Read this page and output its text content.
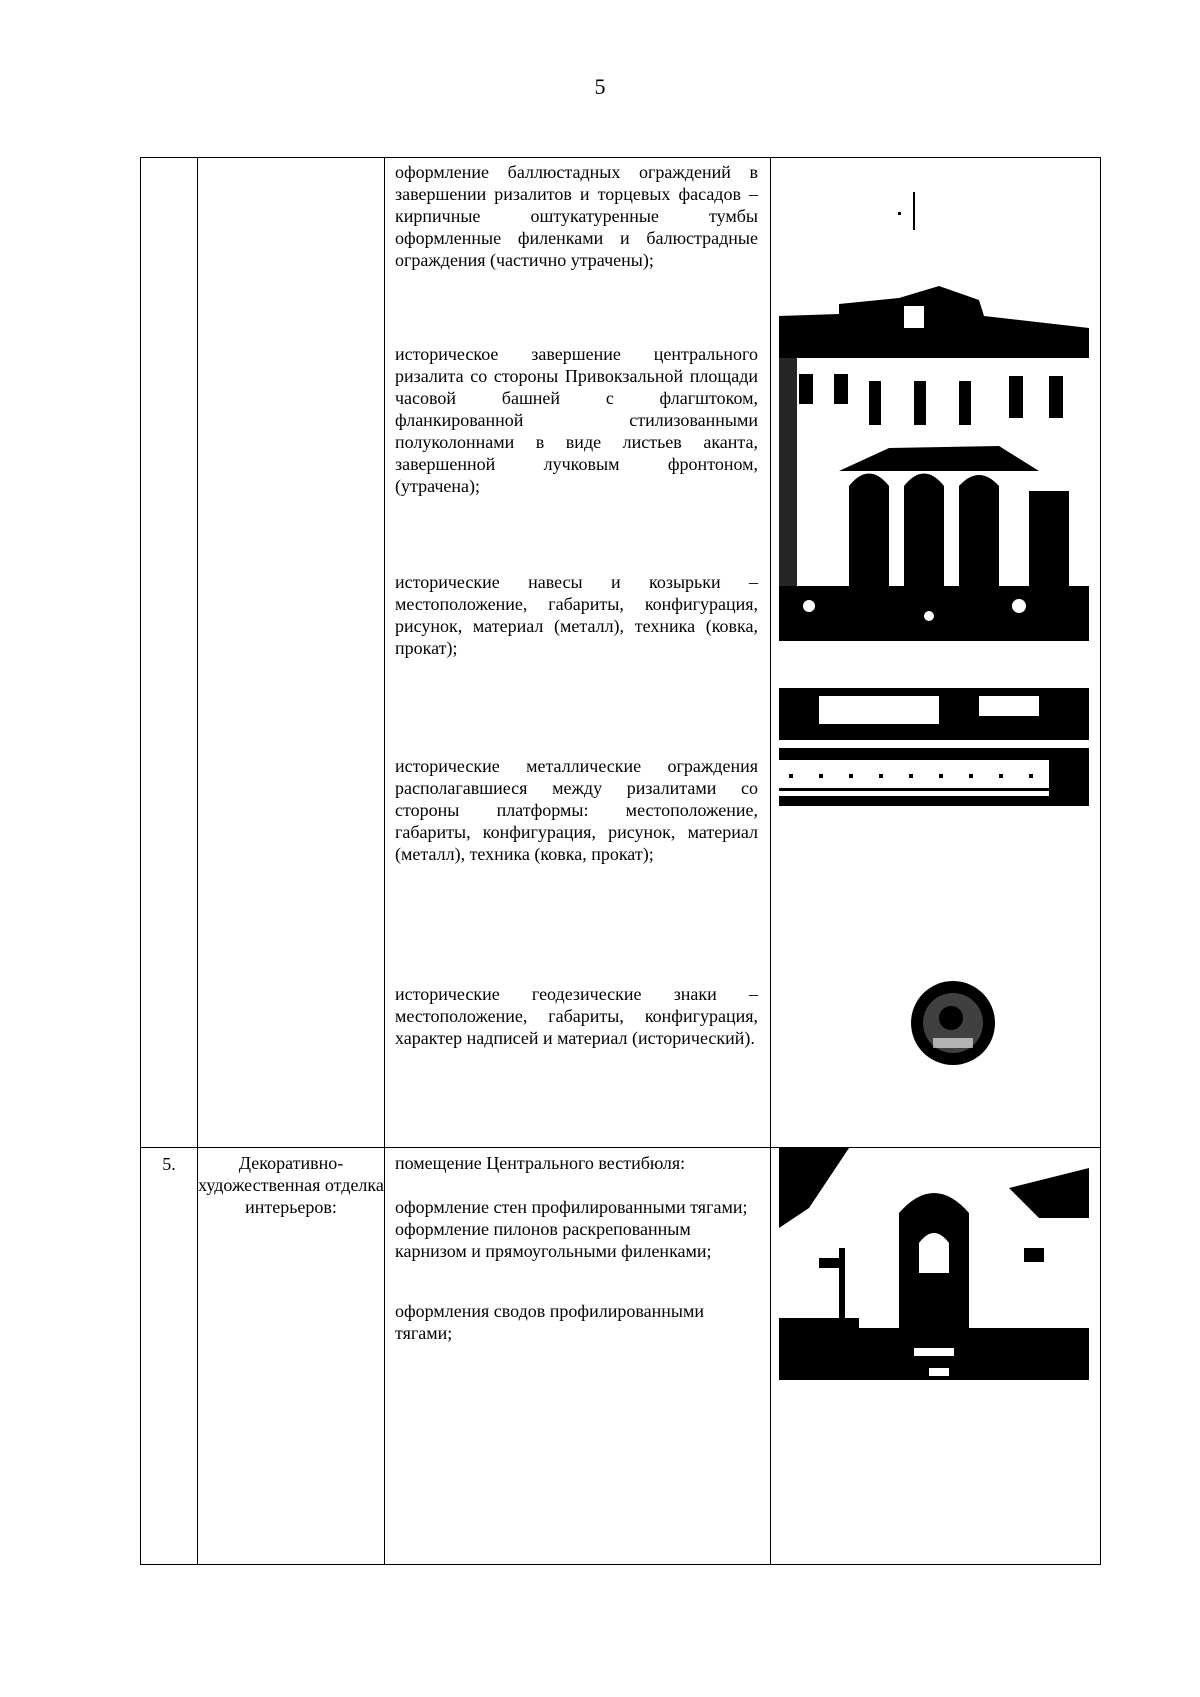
5

		оформление баллюстадных ограждений в завершении ризалитов и торцевых фасадов – кирпичные оштукатуренные тумбы оформленные филенками и балюстрадные ограждения (частично утрачены);
историческое завершение центрального ризалита со стороны Привокзальной площади часовой башней с флагштоком, фланкированной стилизованными полуколоннами в виде листьев аканта, завершенной лучковым фронтоном, (утрачена);
исторические навесы и козырьки – местоположение, габариты, конфигурация, рисунок, материал (металл), техника (ковка, прокат);
исторические металлические ограждения располагавшиеся между ризалитами со стороны платформы: местоположение, габариты, конфигурация, рисунок, материал (металл), техника (ковка, прокат);
исторические геодезические знаки – местоположение, габариты, конфигурация, характер надписей и материал (исторический).

5.	Декоративно-художественная отделка интерьеров:	помещение Центрального вестибюля:
оформление стен профилированными тягами; оформление пилонов раскрепованным карнизом и прямоугольными филенками;
оформления сводов профилированными тягами;
